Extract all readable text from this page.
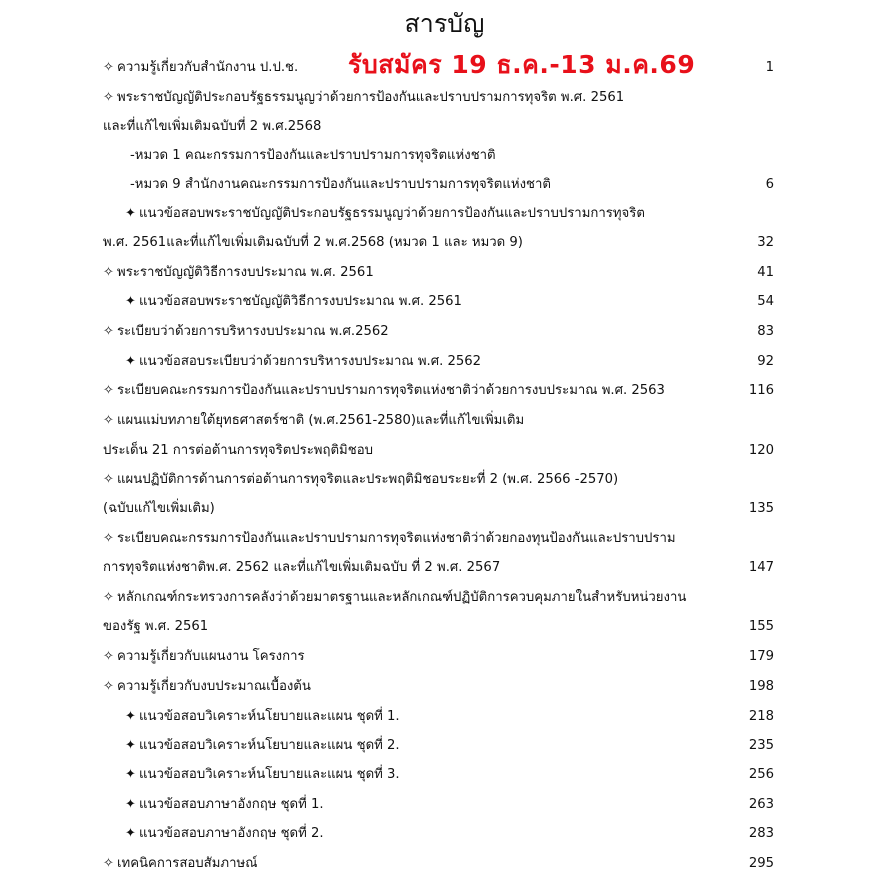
สารบัญ
✧ ความรู้เกี่ยวกับสำนักงาน ป.ป.ช.	1
✧ พระราชบัญญัติประกอบรัฐธรรมนูญว่าด้วยการป้องกันและปราบปรามการทุจริต พ.ศ. 2561
และที่แก้ไขเพิ่มเติมฉบับที่ 2 พ.ศ.2568
-หมวด 1 คณะกรรมการป้องกันและปราบปรามการทุจริตแห่งชาติ
-หมวด 9 สำนักงานคณะกรรมการป้องกันและปราบปรามการทุจริตแห่งชาติ	6
✦ แนวข้อสอบพระราชบัญญัติประกอบรัฐธรรมนูญว่าด้วยการป้องกันและปราบปรามการทุจริต
พ.ศ. 2561และที่แก้ไขเพิ่มเติมฉบับที่ 2 พ.ศ.2568 (หมวด 1 และ หมวด 9)	32
✧ พระราชบัญญัติวิธีการงบประมาณ พ.ศ. 2561	41
✦ แนวข้อสอบพระราชบัญญัติวิธีการงบประมาณ พ.ศ. 2561	54
✧ ระเบียบว่าด้วยการบริหารงบประมาณ พ.ศ.2562	83
✦ แนวข้อสอบระเบียบว่าด้วยการบริหารงบประมาณ พ.ศ. 2562	92
✧ ระเบียบคณะกรรมการป้องกันและปราบปรามการทุจริตแห่งชาติว่าด้วยการงบประมาณ พ.ศ. 2563	116
✧ แผนแม่บทภายใต้ยุทธศาสตร์ชาติ (พ.ศ.2561-2580)และที่แก้ไขเพิ่มเติม
ประเด็น 21 การต่อต้านการทุจริตประพฤติมิชอบ	120
✧ แผนปฏิบัติการด้านการต่อต้านการทุจริตและประพฤติมิชอบระยะที่ 2 (พ.ศ. 2566 -2570)
(ฉบับแก้ไขเพิ่มเติม)	135
✧ ระเบียบคณะกรรมการป้องกันและปราบปรามการทุจริตแห่งชาติว่าด้วยกองทุนป้องกันและปราบปราม
การทุจริตแห่งชาติพ.ศ. 2562 และที่แก้ไขเพิ่มเติมฉบับ ที่ 2 พ.ศ. 2567	147
✧ หลักเกณฑ์กระทรวงการคลังว่าด้วยมาตรฐานและหลักเกณฑ์ปฏิบัติการควบคุมภายในสำหรับหน่วยงาน
ของรัฐ พ.ศ. 2561	155
✧ ความรู้เกี่ยวกับแผนงาน โครงการ	179
✧ ความรู้เกี่ยวกับงบประมาณเบื้องต้น	198
✦ แนวข้อสอบวิเคราะห์นโยบายและแผน ชุดที่ 1.	218
✦ แนวข้อสอบวิเคราะห์นโยบายและแผน ชุดที่ 2.	235
✦ แนวข้อสอบวิเคราะห์นโยบายและแผน ชุดที่ 3.	256
✦ แนวข้อสอบภาษาอังกฤษ ชุดที่ 1.	263
✦ แนวข้อสอบภาษาอังกฤษ ชุดที่ 2.	283
✧ เทคนิคการสอบสัมภาษณ์	295
รับสมัคร 19 ธ.ค.-13 ม.ค.69
